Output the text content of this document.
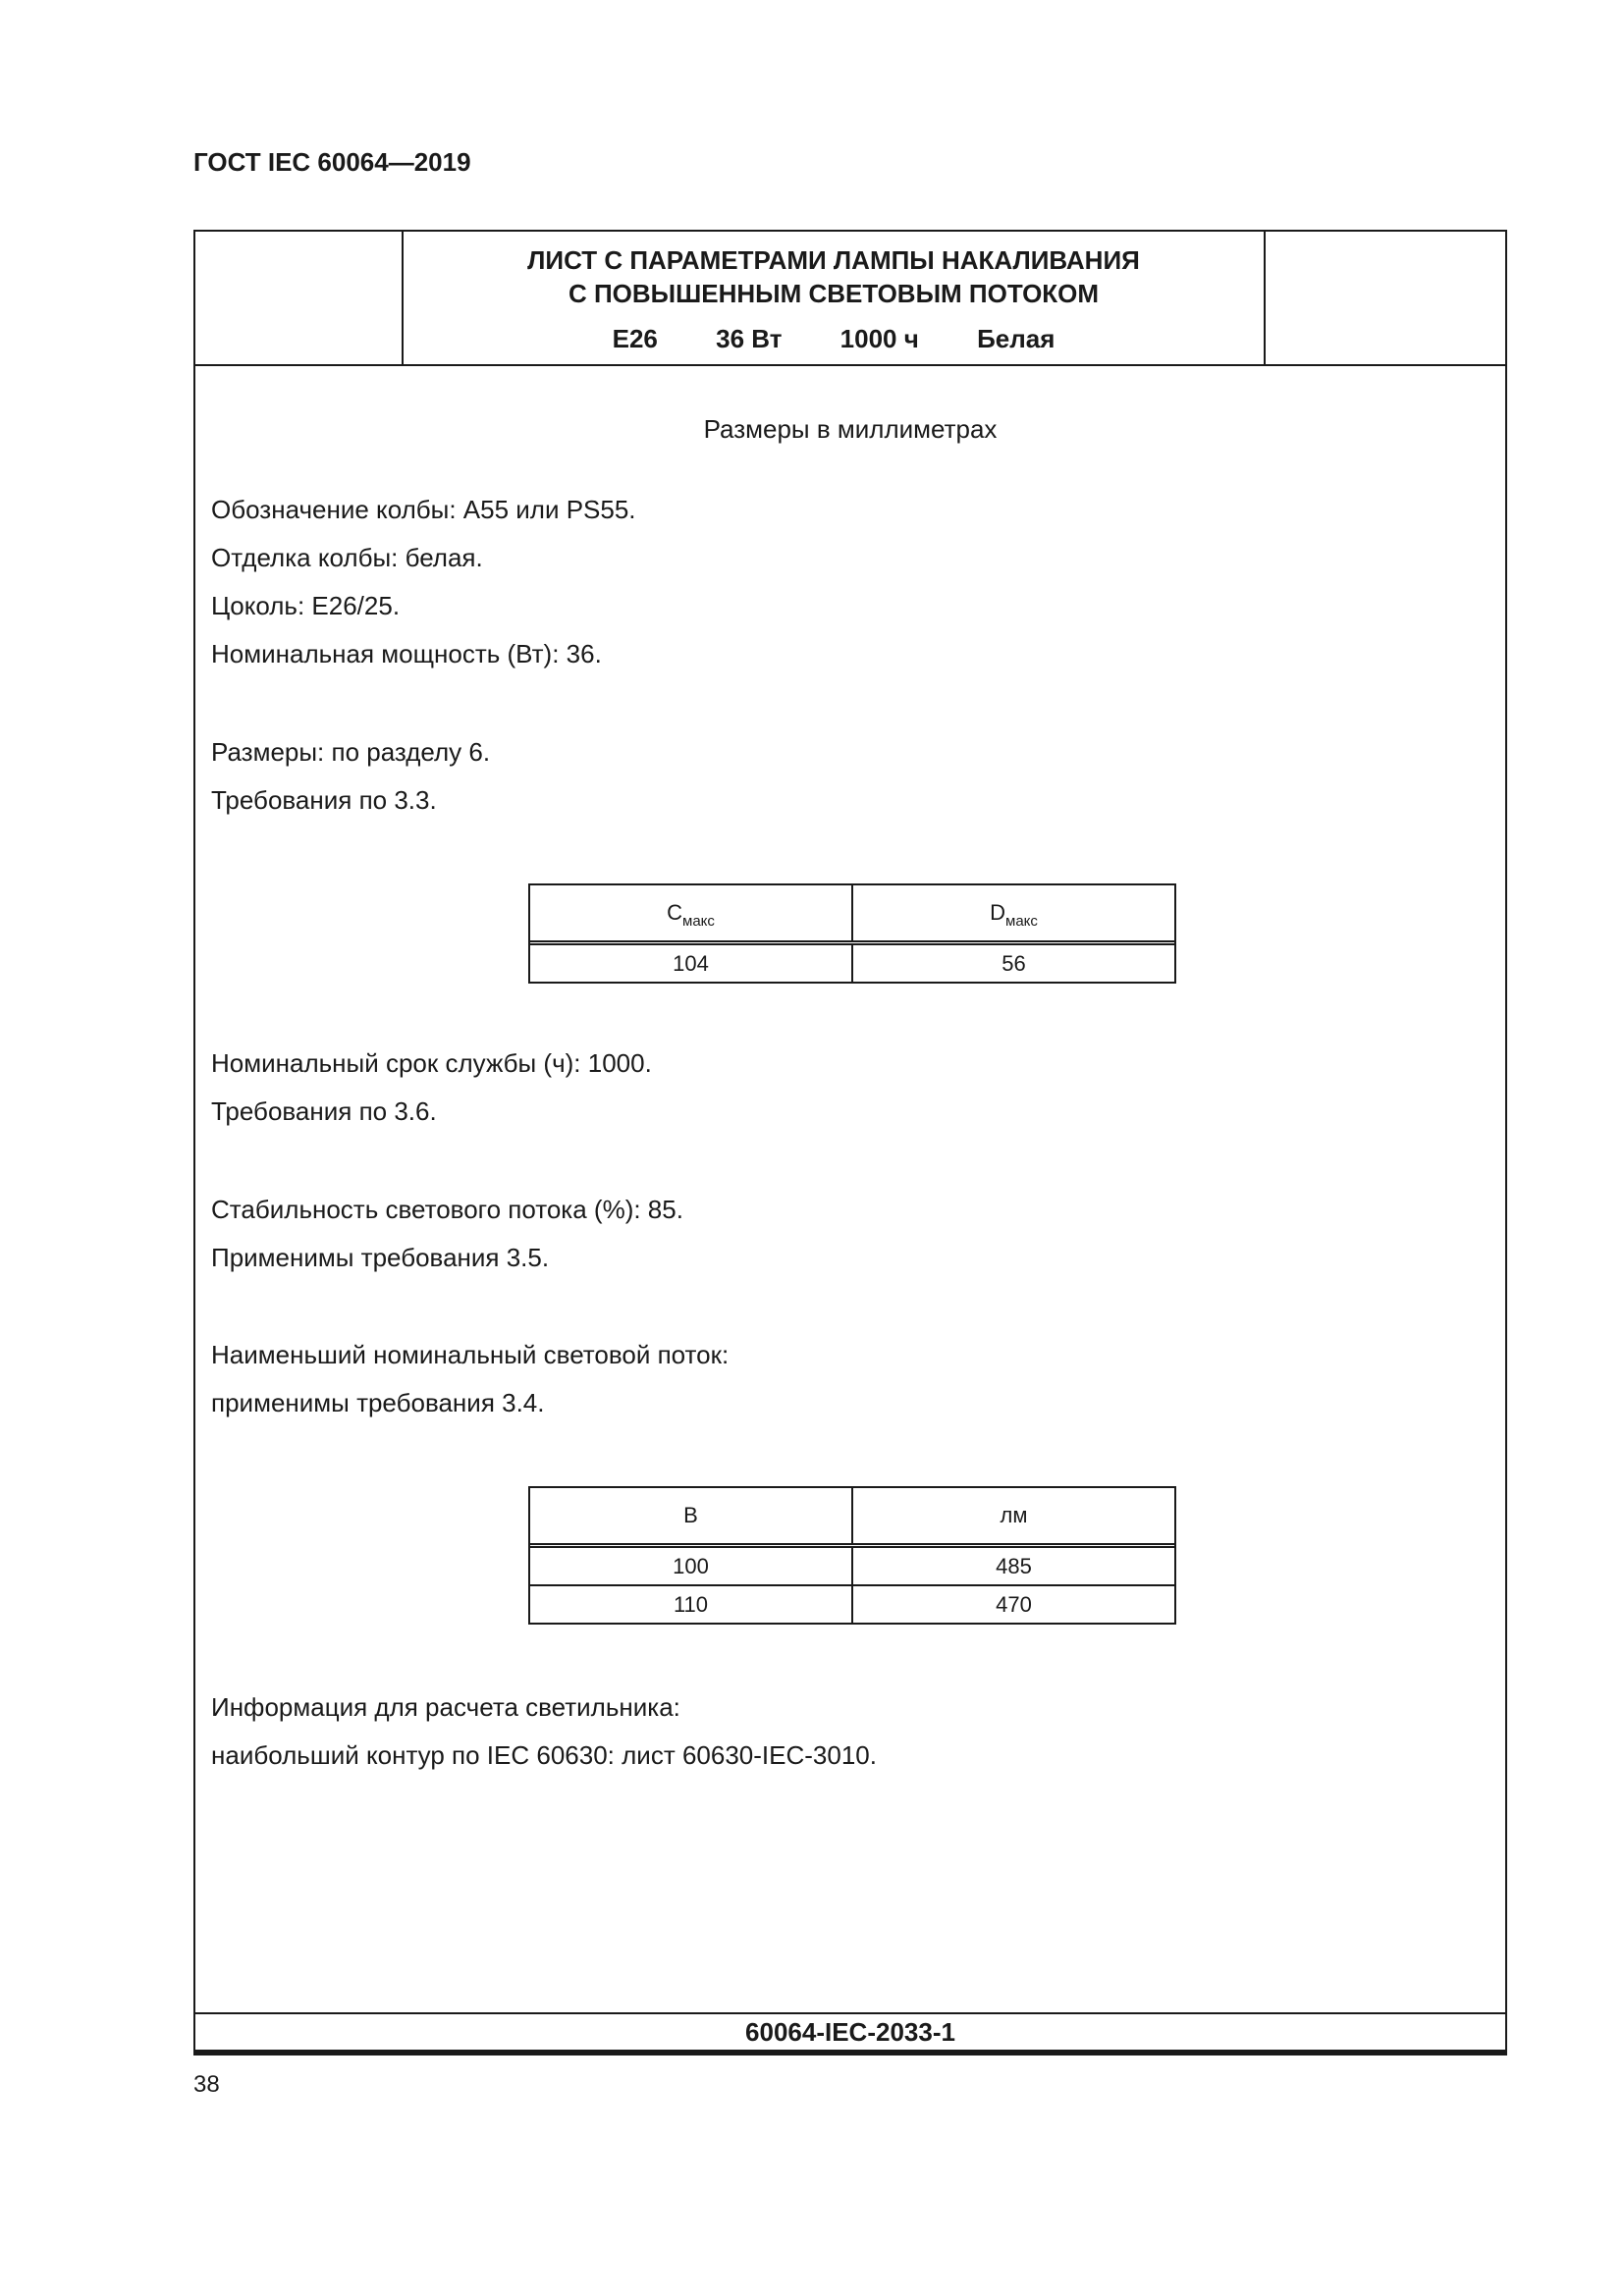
ГОСТ IEC 60064—2019
ЛИСТ С ПАРАМЕТРАМИ ЛАМПЫ НАКАЛИВАНИЯ
С ПОВЫШЕННЫМ СВЕТОВЫМ ПОТОКОМ
E26 36 Вт 1000 ч Белая
Размеры в миллиметрах
Обозначение колбы: А55 или PS55.
Отделка колбы: белая.
Цоколь: E26/25.
Номинальная мощность (Вт): 36.
Размеры: по разделу 6.
Требования по 3.3.
$C_{макс}$	$D_{макс}$
104	56
Номинальный срок службы (ч): 1000.
Требования по 3.6.
Стабильность светового потока (%): 85.
Применимы требования 3.5.
Наименьший номинальный световой поток:
применимы требования 3.4.
В	лм
100	485
110	470
Информация для расчета светильника:
наибольший контур по IEC 60630: лист 60630-IEC-3010.
60064-IEC-2033-1
38
